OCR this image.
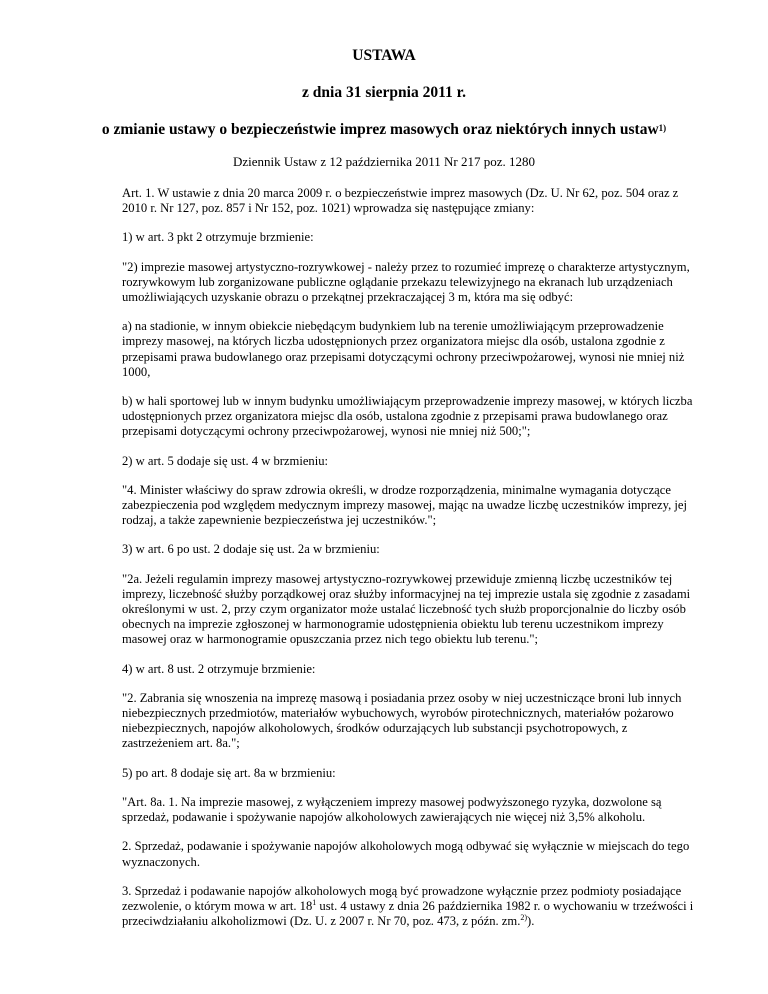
USTAWA
z dnia 31 sierpnia 2011 r.
o zmianie ustawy o bezpieczeństwie imprez masowych oraz niektórych innych ustaw$^{1)}$
Dziennik Ustaw z 12 października 2011 Nr 217 poz. 1280

Art. 1. W ustawie z dnia 20 marca 2009 r. o bezpieczeństwie imprez masowych (Dz. U. Nr 62, poz. 504 oraz z 2010 r. Nr 127, poz. 857 i Nr 152, poz. 1021) wprowadza się następujące zmiany:

1) w art. 3 pkt 2 otrzymuje brzmienie:

"2) imprezie masowej artystyczno-rozrywkowej - należy przez to rozumieć imprezę o charakterze artystycznym, rozrywkowym lub zorganizowane publiczne oglądanie przekazu telewizyjnego na ekranach lub urządzeniach umożliwiających uzyskanie obrazu o przekątnej przekraczającej 3 m, która ma się odbyć:

a) na stadionie, w innym obiekcie niebędącym budynkiem lub na terenie umożliwiającym przeprowadzenie imprezy masowej, na których liczba udostępnionych przez organizatora miejsc dla osób, ustalona zgodnie z przepisami prawa budowlanego oraz przepisami dotyczącymi ochrony przeciwpożarowej, wynosi nie mniej niż 1000,

b) w hali sportowej lub w innym budynku umożliwiającym przeprowadzenie imprezy masowej, w których liczba udostępnionych przez organizatora miejsc dla osób, ustalona zgodnie z przepisami prawa budowlanego oraz przepisami dotyczącymi ochrony przeciwpożarowej, wynosi nie mniej niż 500;";

2) w art. 5 dodaje się ust. 4 w brzmieniu:

"4. Minister właściwy do spraw zdrowia określi, w drodze rozporządzenia, minimalne wymagania dotyczące zabezpieczenia pod względem medycznym imprezy masowej, mając na uwadze liczbę uczestników imprezy, jej rodzaj, a także zapewnienie bezpieczeństwa jej uczestników.";

3) w art. 6 po ust. 2 dodaje się ust. 2a w brzmieniu:

"2a. Jeżeli regulamin imprezy masowej artystyczno-rozrywkowej przewiduje zmienną liczbę uczestników tej imprezy, liczebność służby porządkowej oraz służby informacyjnej na tej imprezie ustala się zgodnie z zasadami określonymi w ust. 2, przy czym organizator może ustalać liczebność tych służb proporcjonalnie do liczby osób obecnych na imprezie zgłoszonej w harmonogramie udostępnienia obiektu lub terenu uczestnikom imprezy masowej oraz w harmonogramie opuszczania przez nich tego obiektu lub terenu.";

4) w art. 8 ust. 2 otrzymuje brzmienie:

"2. Zabrania się wnoszenia na imprezę masową i posiadania przez osoby w niej uczestniczące broni lub innych niebezpiecznych przedmiotów, materiałów wybuchowych, wyrobów pirotechnicznych, materiałów pożarowo niebezpiecznych, napojów alkoholowych, środków odurzających lub substancji psychotropowych, z zastrzeżeniem art. 8a.";

5) po art. 8 dodaje się art. 8a w brzmieniu:

"Art. 8a. 1. Na imprezie masowej, z wyłączeniem imprezy masowej podwyższonego ryzyka, dozwolone są sprzedaż, podawanie i spożywanie napojów alkoholowych zawierających nie więcej niż 3,5% alkoholu.

2. Sprzedaż, podawanie i spożywanie napojów alkoholowych mogą odbywać się wyłącznie w miejscach do tego wyznaczonych.

3. Sprzedaż i podawanie napojów alkoholowych mogą być prowadzone wyłącznie przez podmioty posiadające zezwolenie, o którym mowa w art. $18^1$ ust. 4 ustawy z dnia 26 października 1982 r. o wychowaniu w trzeźwości i przeciwdziałaniu alkoholizmowi (Dz. U. z 2007 r. Nr 70, poz. 473, z późn. zm.$^{2)}$).
